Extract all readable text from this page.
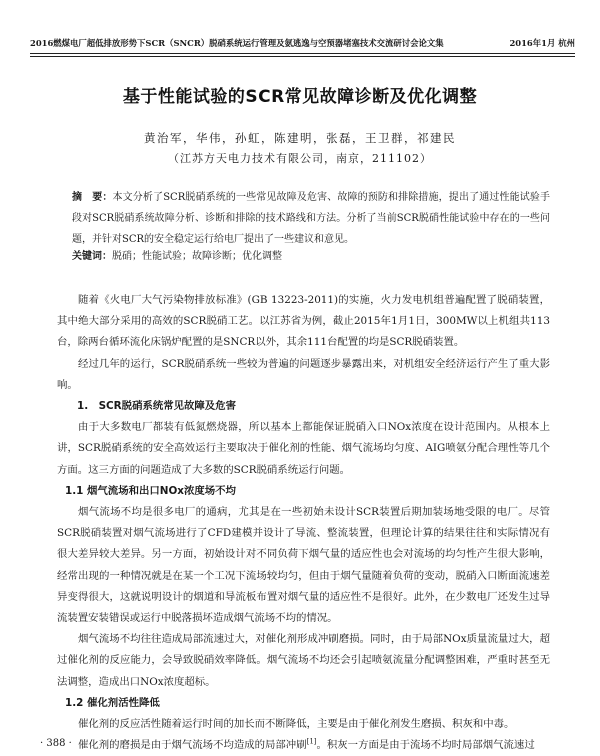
2016燃煤电厂超低排放形势下SCR（SNCR）脱硝系统运行管理及氨逃逸与空预器堵塞技术交流研讨会论文集	2016年1月 杭州
基于性能试验的SCR常见故障诊断及优化调整
黄治军，华伟，孙虹，陈建明，张磊，王卫群，祁建民
（江苏方天电力技术有限公司，南京，211102）
摘　要：本文分析了SCR脱硝系统的一些常见故障及危害、故障的预防和排除措施，提出了通过性能试验手段对SCR脱硝系统故障分析、诊断和排除的技术路线和方法。分析了当前SCR脱硝性能试验中存在的一些问题，并针对SCR的安全稳定运行给电厂提出了一些建议和意见。
关键词：脱硝；性能试验；故障诊断；优化调整

随着《火电厂大气污染物排放标准》(GB 13223-2011)的实施，火力发电机组普遍配置了脱硝装置，其中绝大部分采用的高效的SCR脱硝工艺。以江苏省为例，截止2015年1月1日，300MW以上机组共113台，除两台循环流化床锅炉配置的是SNCR以外，其余111台配置的均是SCR脱硝装置。

经过几年的运行，SCR脱硝系统一些较为普遍的问题逐步暴露出来，对机组安全经济运行产生了重大影响。

1.　SCR脱硝系统常见故障及危害

由于大多数电厂都装有低氮燃烧器，所以基本上都能保证脱硝入口NOx浓度在设计范围内。从根本上讲，SCR脱硝系统的安全高效运行主要取决于催化剂的性能、烟气流场均匀度、AIG喷氨分配合理性等几个方面。这三方面的问题造成了大多数的SCR脱硝系统运行问题。

1.1 烟气流场和出口NOx浓度场不均

烟气流场不均是很多电厂的通病，尤其是在一些初始未设计SCR装置后期加装场地受限的电厂。尽管SCR脱硝装置对烟气流场进行了CFD建模并设计了导流、整流装置，但理论计算的结果往往和实际情况有很大差异较大差异。另一方面，初始设计对不同负荷下烟气量的适应性也会对流场的均匀性产生很大影响，经常出现的一种情况就是在某一个工况下流场较均匀，但由于烟气量随着负荷的变动，脱硝入口断面流速差异变得很大，这就说明设计的烟道和导流板布置对烟气量的适应性不是很好。此外，在少数电厂还发生过导流装置安装错误或运行中脱落损坏造成烟气流场不均的情况。

烟气流场不均往往造成局部流速过大，对催化剂形成冲刷磨损。同时，由于局部NOx质量流量过大，超过催化剂的反应能力，会导致脱硝效率降低。烟气流场不均还会引起喷氨流量分配调整困难，严重时甚至无法调整，造成出口NOx浓度超标。

1.2 催化剂活性降低

催化剂的反应活性随着运行时间的加长而不断降低，主要是由于催化剂发生磨损、积灰和中毒。

催化剂的磨损是由于烟气流场不均造成的局部冲刷[1]。积灰一方面是由于流场不均时局部烟气流速过

· 388 ·
